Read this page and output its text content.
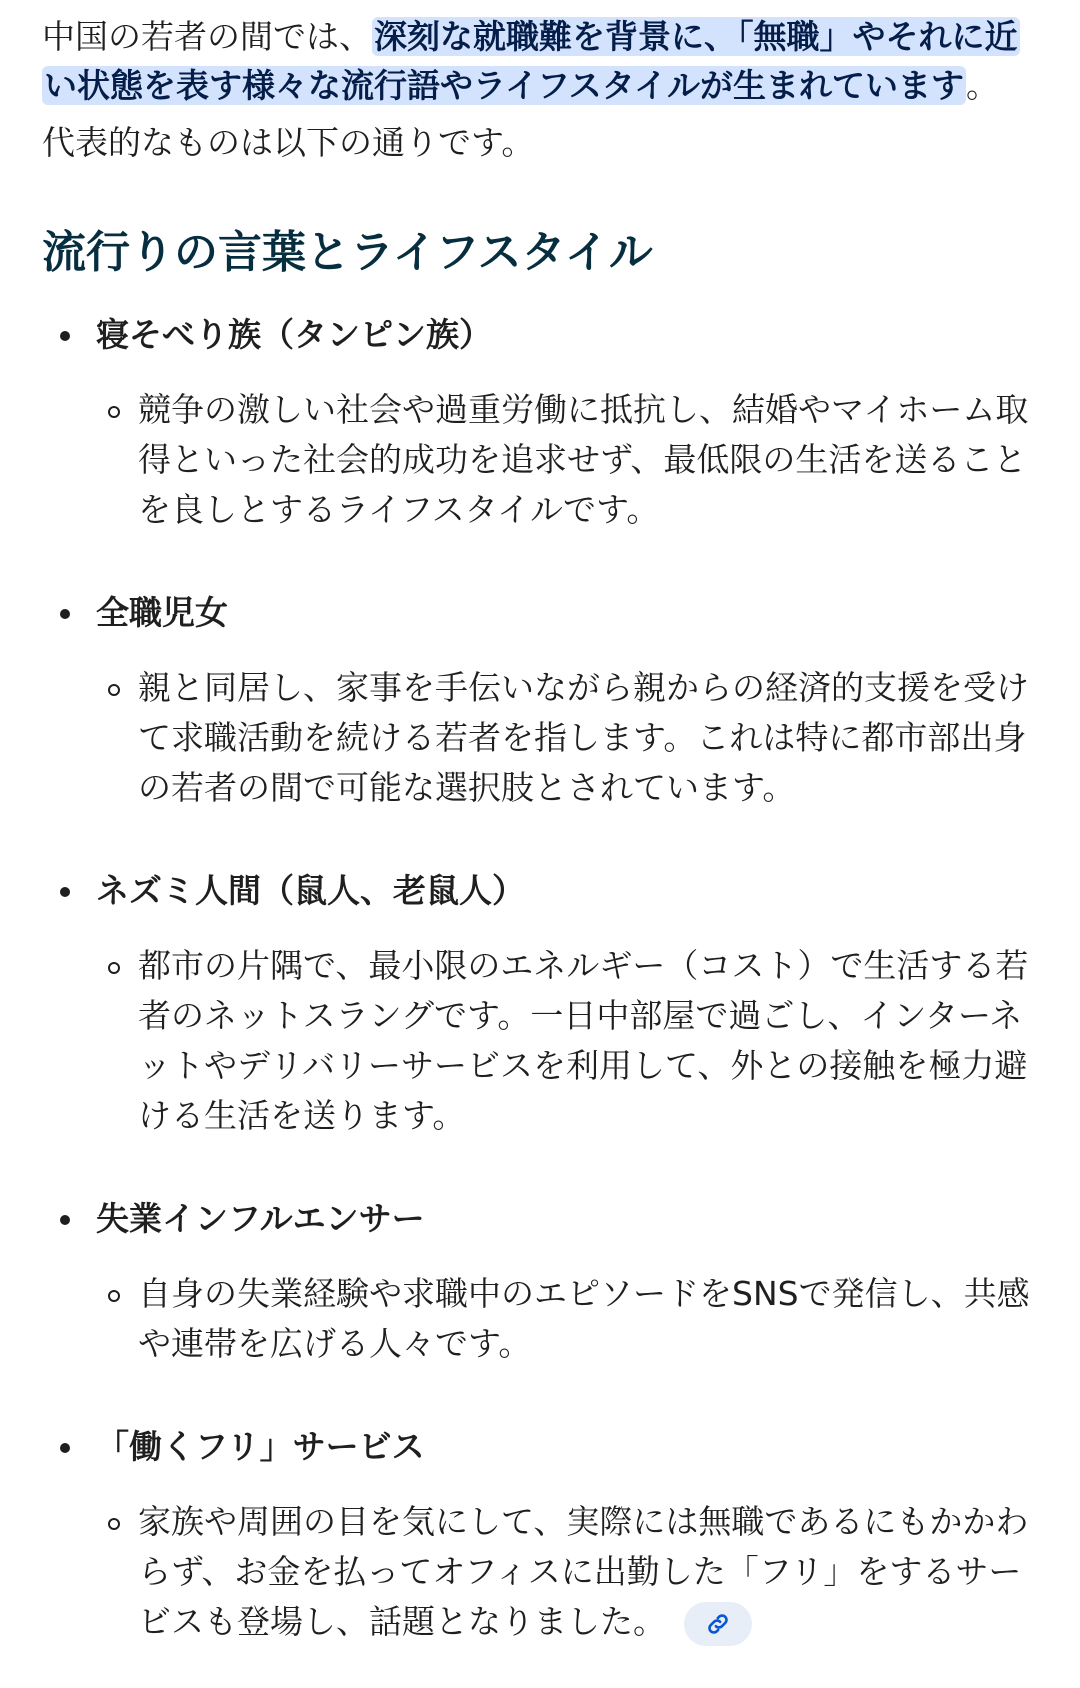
中国の若者の間では、深刻な就職難を背景に、「無職」やそれに近い状態を表す様々な流行語やライフスタイルが生まれています。

代表的なものは以下の通りです。

流行りの言葉とライフスタイル

寝そべり族（タンピン族）

競争の激しい社会や過重労働に抵抗し、結婚やマイホーム取得といった社会的成功を追求せず、最低限の生活を送ることを良しとするライフスタイルです。

全職児女

親と同居し、家事を手伝いながら親からの経済的支援を受けて求職活動を続ける若者を指します。これは特に都市部出身の若者の間で可能な選択肢とされています。

ネズミ人間（鼠人、老鼠人）

都市の片隅で、最小限のエネルギー（コスト）で生活する若者のネットスラングです。一日中部屋で過ごし、インターネットやデリバリーサービスを利用して、外との接触を極力避ける生活を送ります。

失業インフルエンサー

自身の失業経験や求職中のエピソードをSNSで発信し、共感や連帯を広げる人々です。

「働くフリ」サービス

家族や周囲の目を気にして、実際には無職であるにもかかわらず、お金を払ってオフィスに出勤した「フリ」をするサービスも登場し、話題となりました。
